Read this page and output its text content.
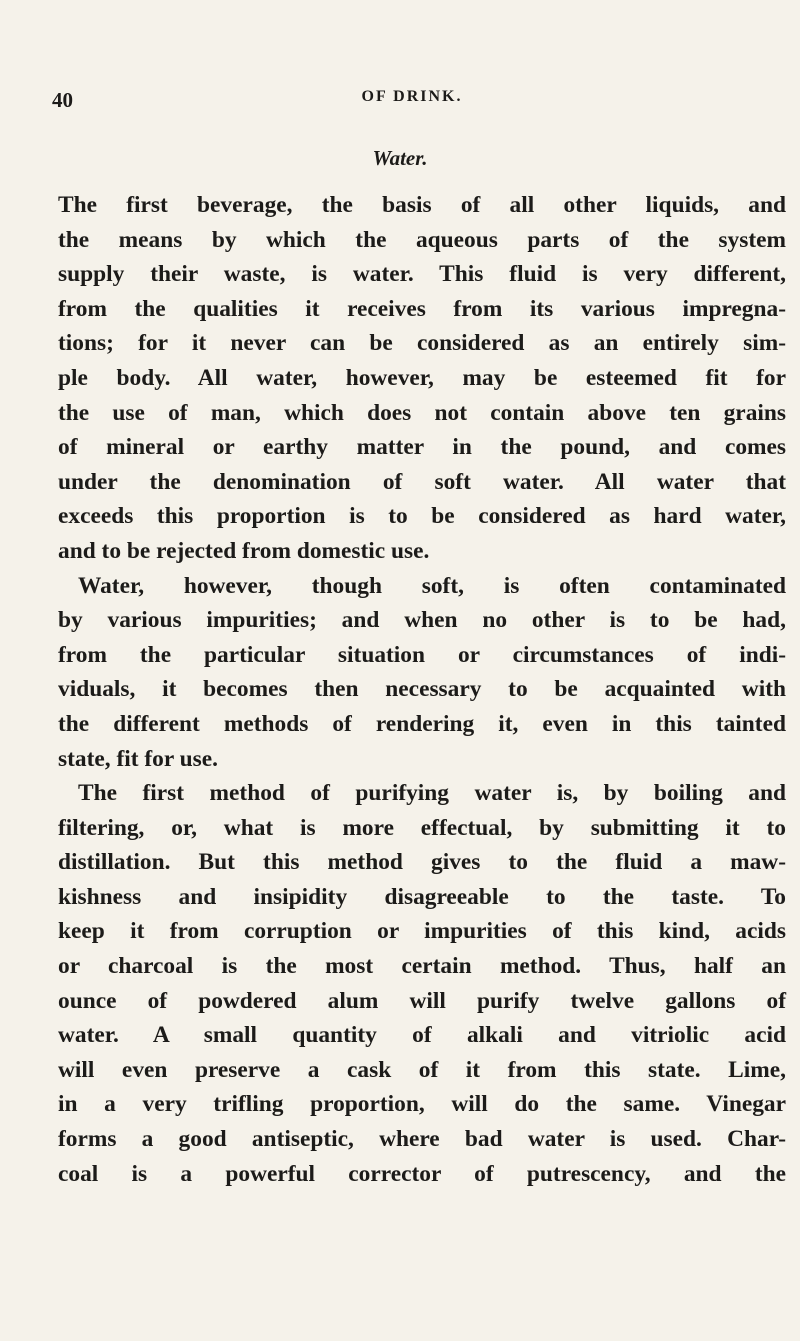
40	OF DRINK.
Water.
The first beverage, the basis of all other liquids, and
the means by which the aqueous parts of the system
supply their waste, is water. This fluid is very different,
from the qualities it receives from its various impregna-
tions; for it never can be considered as an entirely sim-
ple body. All water, however, may be esteemed fit for
the use of man, which does not contain above ten grains
of mineral or earthy matter in the pound, and comes
under the denomination of soft water. All water that
exceeds this proportion is to be considered as hard water,
and to be rejected from domestic use.
Water, however, though soft, is often contaminated
by various impurities; and when no other is to be had,
from the particular situation or circumstances of indi-
viduals, it becomes then necessary to be acquainted with
the different methods of rendering it, even in this tainted
state, fit for use.
The first method of purifying water is, by boiling and
filtering, or, what is more effectual, by submitting it to
distillation. But this method gives to the fluid a maw-
kishness and insipidity disagreeable to the taste. To
keep it from corruption or impurities of this kind, acids
or charcoal is the most certain method. Thus, half an
ounce of powdered alum will purify twelve gallons of
water. A small quantity of alkali and vitriolic acid
will even preserve a cask of it from this state. Lime,
in a very trifling proportion, will do the same. Vinegar
forms a good antiseptic, where bad water is used. Char-
coal is a powerful corrector of putrescency, and the
